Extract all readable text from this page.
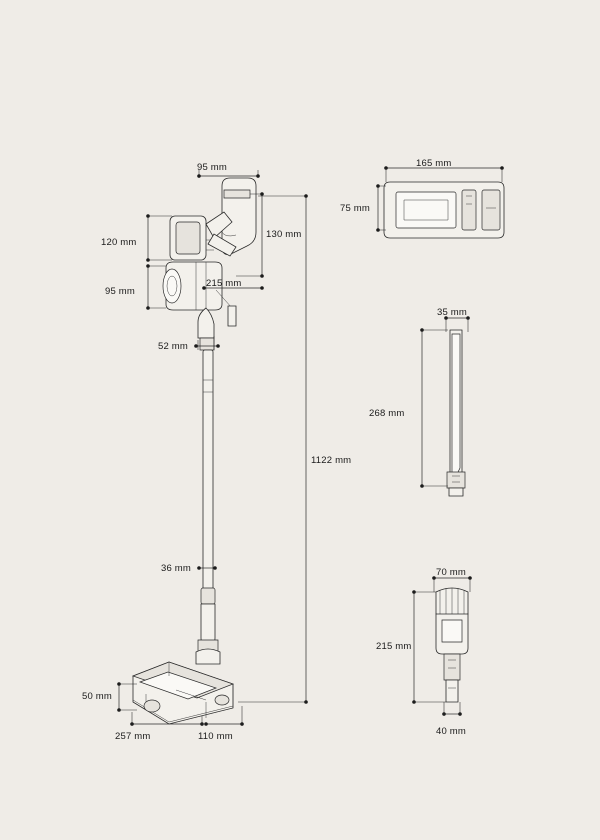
95 mm
120 mm
130 mm
95 mm
215 mm
52 mm
1122 mm
36 mm
50 mm
257 mm	110 mm
165 mm
75 mm
35 mm
268 mm
70 mm
215 mm
40 mm
